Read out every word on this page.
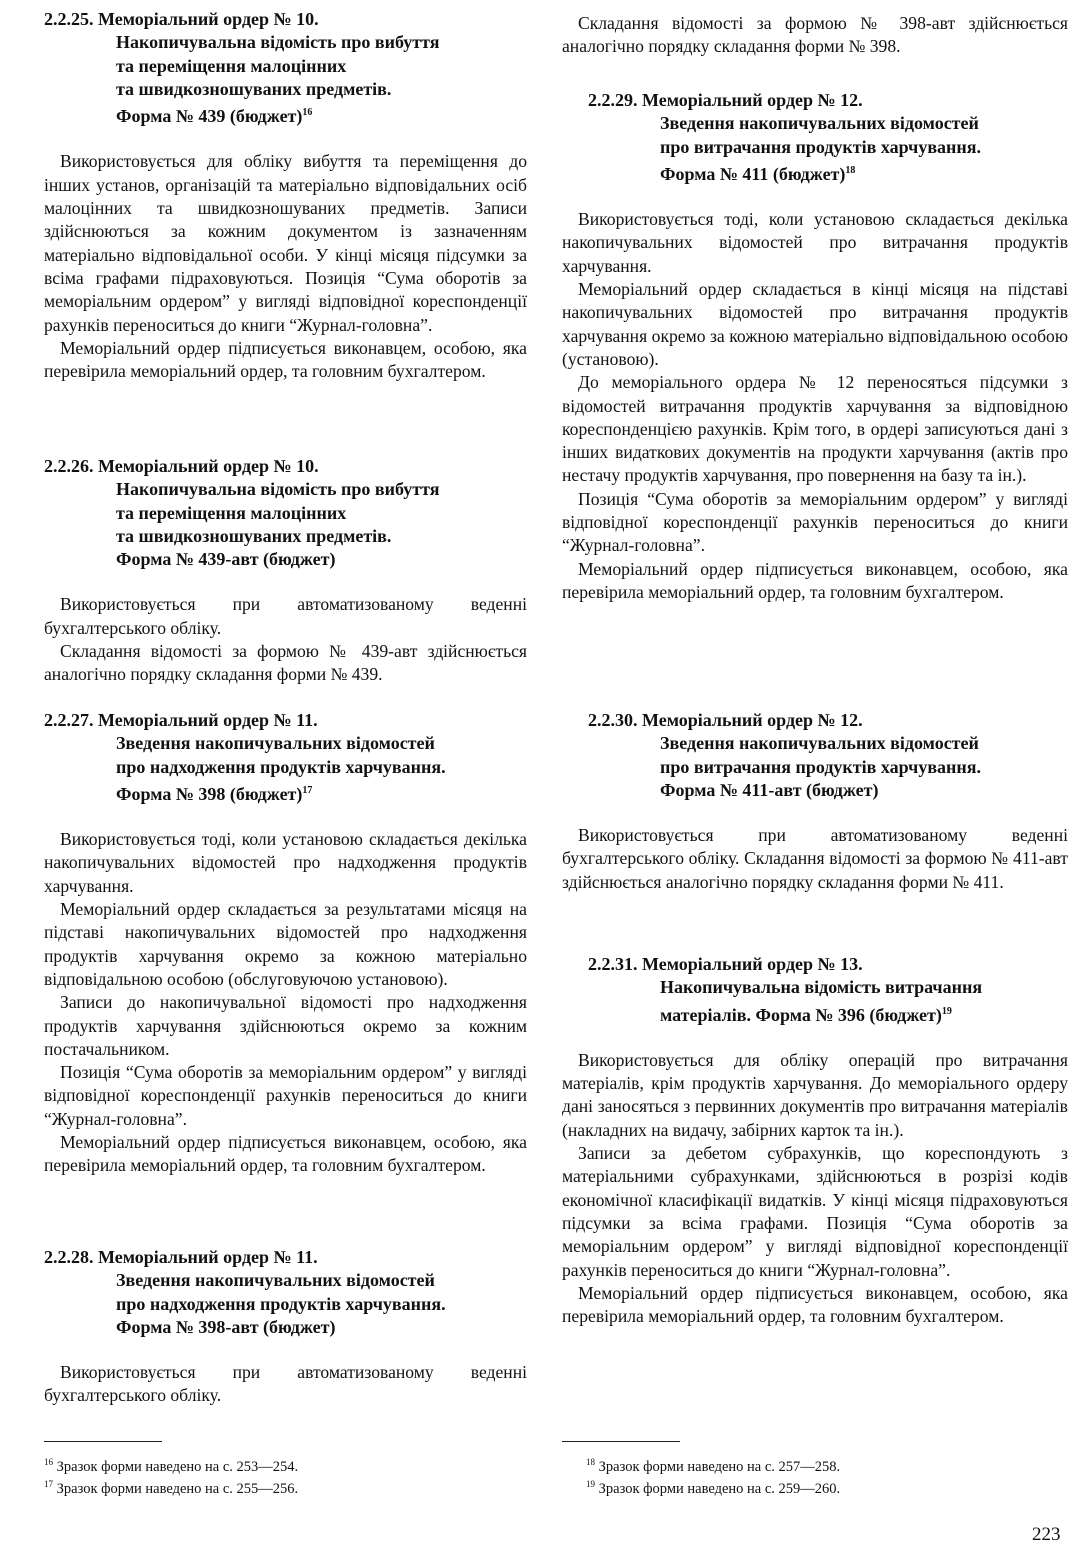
2.2.25. Меморіальний ордер № 10.
Накопичувальна відомість про вибуття
та переміщення малоцінних
та швидкозношуваних предметів.
Форма № 439 (бюджет)$^{16}$

Використовується для обліку вибуття та переміщення до інших установ, організацій та матеріально відповідальних осіб малоцінних та швидкозношуваних предметів. Записи здійснюються за кожним документом із зазначенням матеріально відповідальної особи. У кінці місяця підсумки за всіма графами підраховуються. Позиція “Сума оборотів за меморіальним ордером” у вигляді відповідної кореспонденції рахунків переноситься до книги “Журнал-головна”.

Меморіальний ордер підписується виконавцем, особою, яка перевірила меморіальний ордер, та головним бухгалтером.

2.2.26. Меморіальний ордер № 10.
Накопичувальна відомість про вибуття
та переміщення малоцінних
та швидкозношуваних предметів.
Форма № 439-авт (бюджет)

Використовується при автоматизованому веденні бухгалтерського обліку.

Складання відомості за формою № 439-авт здійснюється аналогічно порядку складання форми № 439.

2.2.27. Меморіальний ордер № 11.
Зведення накопичувальних відомостей
про надходження продуктів харчування.
Форма № 398 (бюджет)$^{17}$

Використовується тоді, коли установою складається декілька накопичувальних відомостей про надходження продуктів харчування.

Меморіальний ордер складається за результатами місяця на підставі накопичувальних відомостей про надходження продуктів харчування окремо за кожною матеріально відповідальною особою (обслуговуючою установою).

Записи до накопичувальної відомості про надходження продуктів харчування здійснюються окремо за кожним постачальником.

Позиція “Сума оборотів за меморіальним ордером” у вигляді відповідної кореспонденції рахунків переноситься до книги “Журнал-головна”.

Меморіальний ордер підписується виконавцем, особою, яка перевірила меморіальний ордер, та головним бухгалтером.

2.2.28. Меморіальний ордер № 11.
Зведення накопичувальних відомостей
про надходження продуктів харчування.
Форма № 398-авт (бюджет)

Використовується при автоматизованому веденні бухгалтерського обліку.

$^{16}$ Зразок форми наведено на с. 253—254.
$^{17}$ Зразок форми наведено на с. 255—256.

Складання відомості за формою № 398-авт здійснюється аналогічно порядку складання форми № 398.

2.2.29. Меморіальний ордер № 12.
Зведення накопичувальних відомостей
про витрачання продуктів харчування.
Форма № 411 (бюджет)$^{18}$

Використовується тоді, коли установою складається декілька накопичувальних відомостей про витрачання продуктів харчування.

Меморіальний ордер складається в кінці місяця на підставі накопичувальних відомостей про витрачання продуктів харчування окремо за кожною матеріально відповідальною особою (установою).

До меморіального ордера № 12 переносяться підсумки з відомостей витрачання продуктів харчування за відповідною кореспонденцією рахунків. Крім того, в ордері записуються дані з інших видаткових документів на продукти харчування (актів про нестачу продуктів харчування, про повернення на базу та ін.).

Позиція “Сума оборотів за меморіальним ордером” у вигляді відповідної кореспонденції рахунків переноситься до книги “Журнал-головна”.

Меморіальний ордер підписується виконавцем, особою, яка перевірила меморіальний ордер, та головним бухгалтером.

2.2.30. Меморіальний ордер № 12.
Зведення накопичувальних відомостей
про витрачання продуктів харчування.
Форма № 411-авт (бюджет)

Використовується при автоматизованому веденні бухгалтерського обліку. Складання відомості за формою № 411-авт здійснюється аналогічно порядку складання форми № 411.

2.2.31. Меморіальний ордер № 13.
Накопичувальна відомість витрачання
матеріалів. Форма № 396 (бюджет)$^{19}$

Використовується для обліку операцій про витрачання матеріалів, крім продуктів харчування. До меморіального ордеру дані заносяться з первинних документів про витрачання матеріалів (накладних на видачу, забірних карток та ін.).

Записи за дебетом субрахунків, що кореспондують з матеріальними субрахунками, здійснюються в розрізі кодів економічної класифікації видатків. У кінці місяця підраховуються підсумки за всіма графами. Позиція “Сума оборотів за меморіальним ордером” у вигляді відповідної кореспонденції рахунків переноситься до книги “Журнал-головна”.

Меморіальний ордер підписується виконавцем, особою, яка перевірила меморіальний ордер, та головним бухгалтером.

$^{18}$ Зразок форми наведено на с. 257—258.
$^{19}$ Зразок форми наведено на с. 259—260.
223
